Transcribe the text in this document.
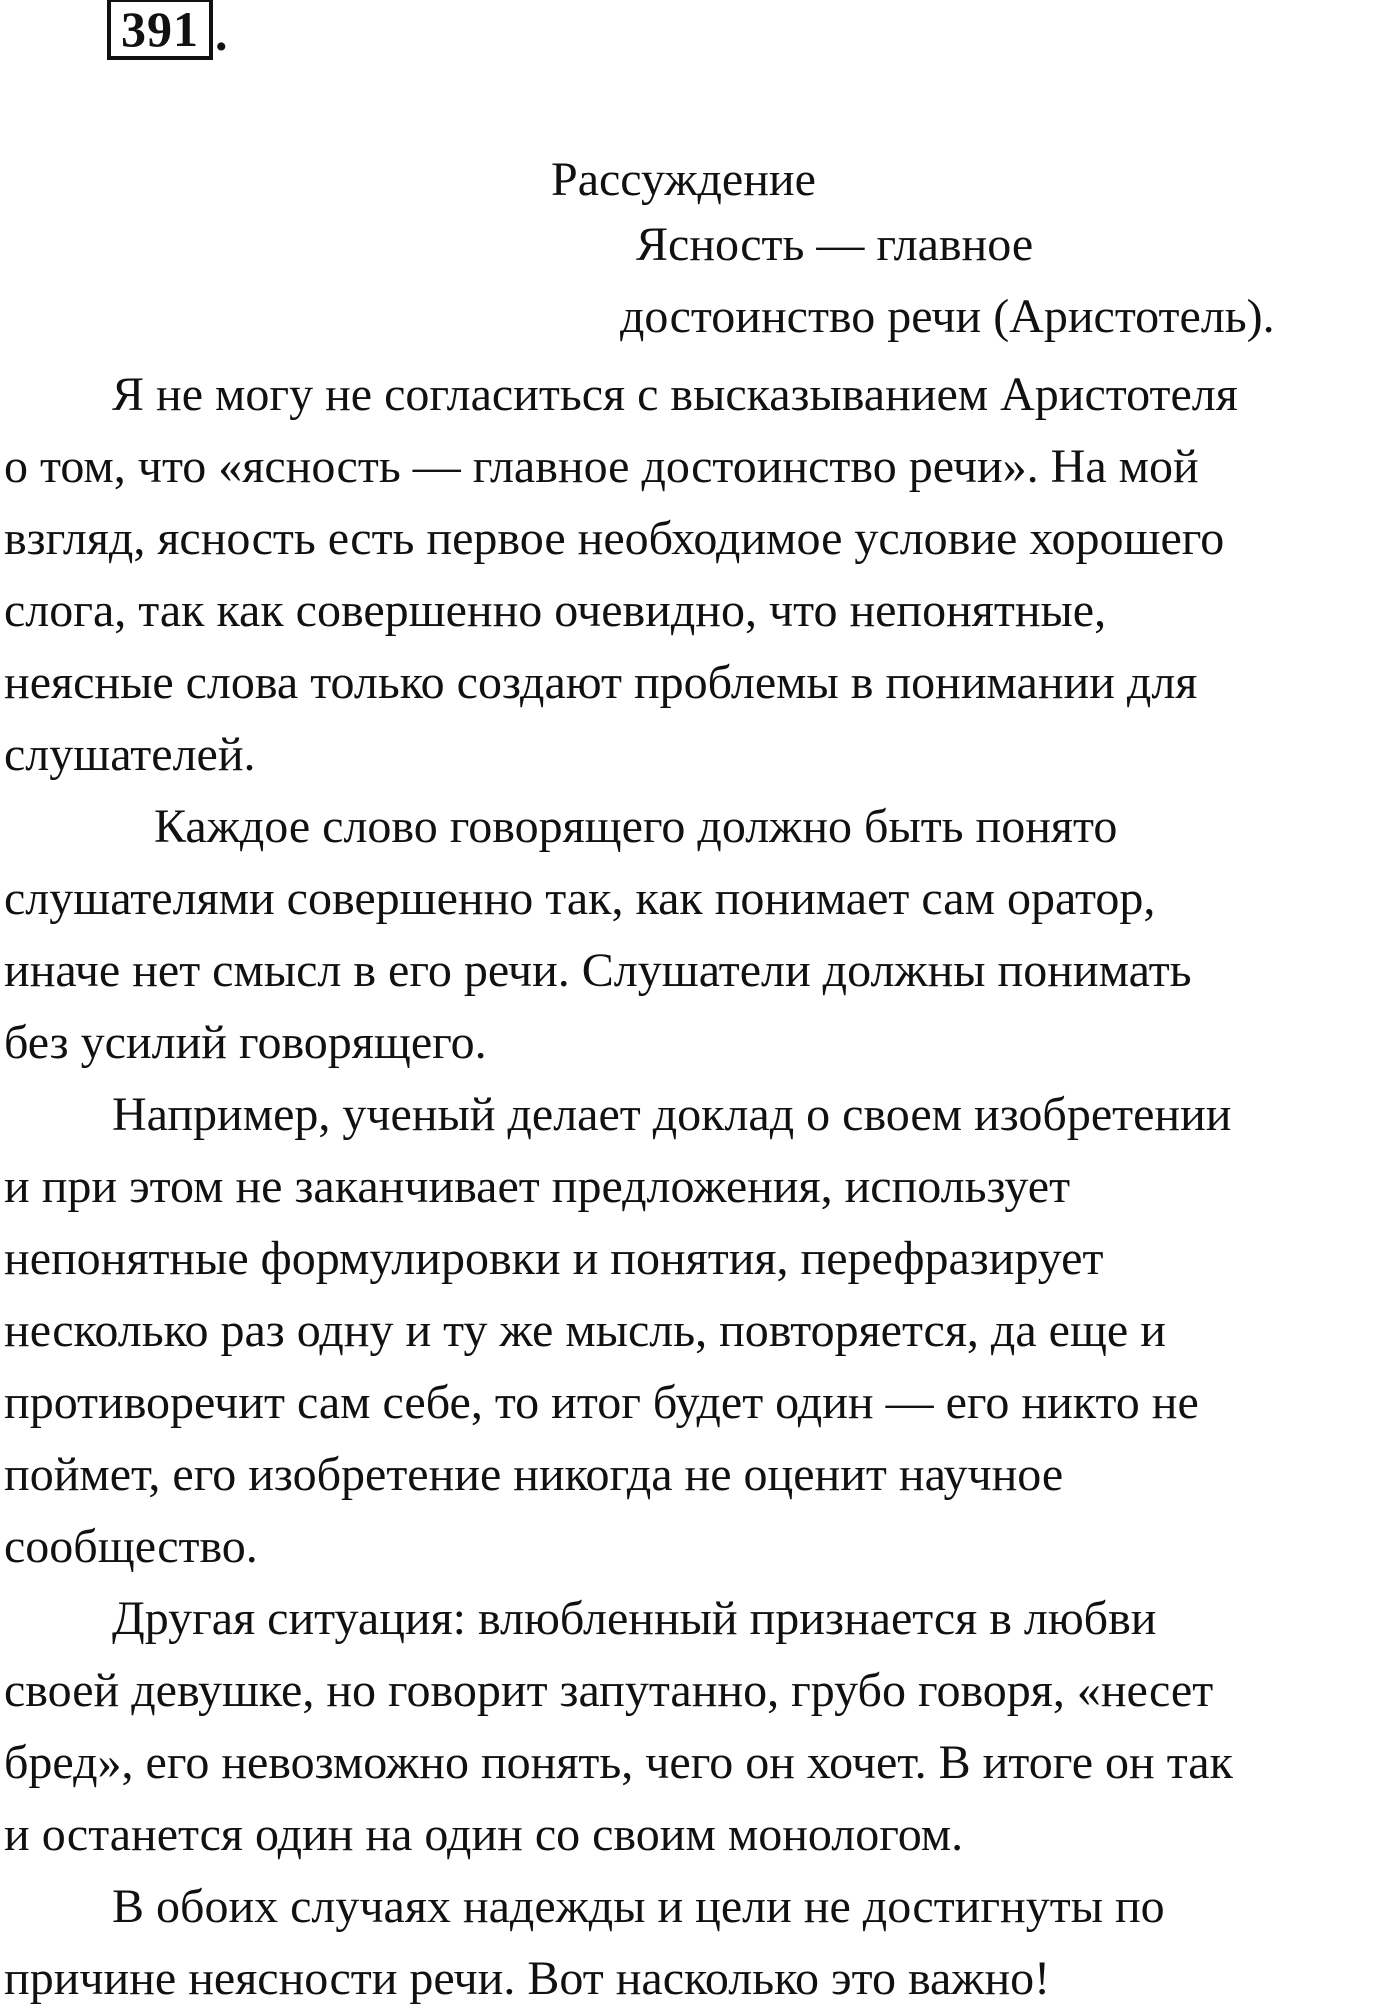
391 .
Рассуждение
Ясность — главное
достоинство речи (Аристотель).
Я не могу не согласиться с высказыванием Аристотеля
о том, что «ясность — главное достоинство речи». На мой
взгляд, ясность есть первое необходимое условие хорошего
слога, так как совершенно очевидно, что непонятные,
неясные слова только создают проблемы в понимании для
слушателей.
Каждое слово говорящего должно быть понято
слушателями совершенно так, как понимает сам оратор,
иначе нет смысл в его речи. Слушатели должны понимать
без усилий говорящего.
Например, ученый делает доклад о своем изобретении
и при этом не заканчивает предложения, использует
непонятные формулировки и понятия, перефразирует
несколько раз одну и ту же мысль, повторяется, да еще и
противоречит сам себе, то итог будет один — его никто не
поймет, его изобретение никогда не оценит научное
сообщество.
Другая ситуация: влюбленный признается в любви
своей девушке, но говорит запутанно, грубо говоря, «несет
бред», его невозможно понять, чего он хочет. В итоге он так
и останется один на один со своим монологом.
В обоих случаях надежды и цели не достигнуты по
причине неясности речи. Вот насколько это важно!
